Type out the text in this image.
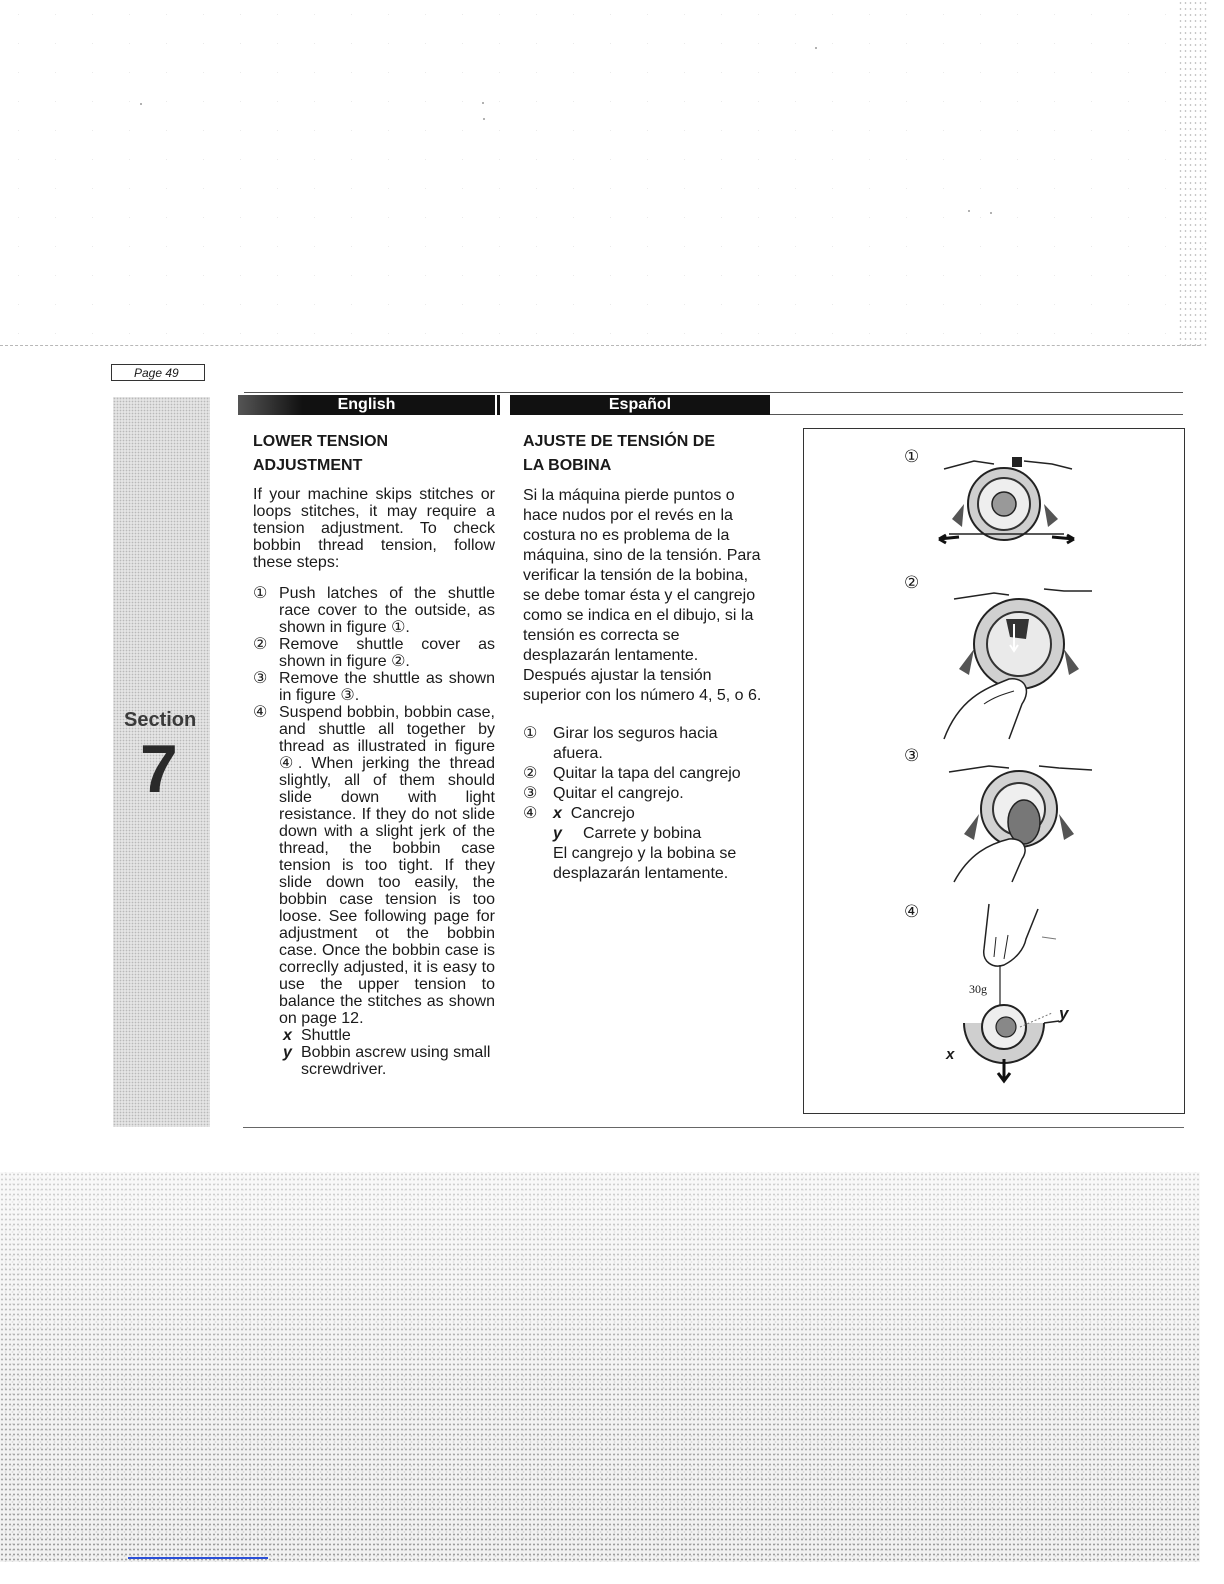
Page 49
Section
7
English	Español
LOWER TENSION
ADJUSTMENT

If your machine skips stitches or loops stitches, it may require a tension adjustment. To check bobbin thread tension, follow these steps:

① Push latches of the shuttle race cover to the outside, as shown in figure ①.
② Remove shuttle cover as shown in figure ②.
③ Remove the shuttle as shown in figure ③.
④ Suspend bobbin, bobbin case, and shuttle all together by thread as illustrated in figure ④. When jerking the thread slightly, all of them should slide down with light resistance. If they do not slide down with a slight jerk of the thread, the bobbin case tension is too tight. If they slide down too easily, the bobbin case tension is too loose. See following page for adjustment ot the bobbin case. Once the bobbin case is correclly adjusted, it is easy to use the upper tension to balance the stitches as shown on page 12.
x Shuttle
y Bobbin ascrew using small screwdriver.
AJUSTE DE TENSIÓN DE
LA BOBINA

Si la máquina pierde puntos o hace nudos por el revés en la costura no es problema de la máquina, sino de la tensión. Para verificar la tensión de la bobina, se debe tomar ésta y el cangrejo como se indica en el dibujo, si la tensión es correcta se desplazarán lentamente.

Después ajustar la tensión superior con los número 4, 5, o 6.

① Girar los seguros hacia afuera.
② Quitar la tapa del cangrejo
③ Quitar el cangrejo.
④ x Cancrejo
y Carrete y bobina
El cangrejo y la bobina se desplazarán lentamente.
①
②
③
④
30g
y
x
